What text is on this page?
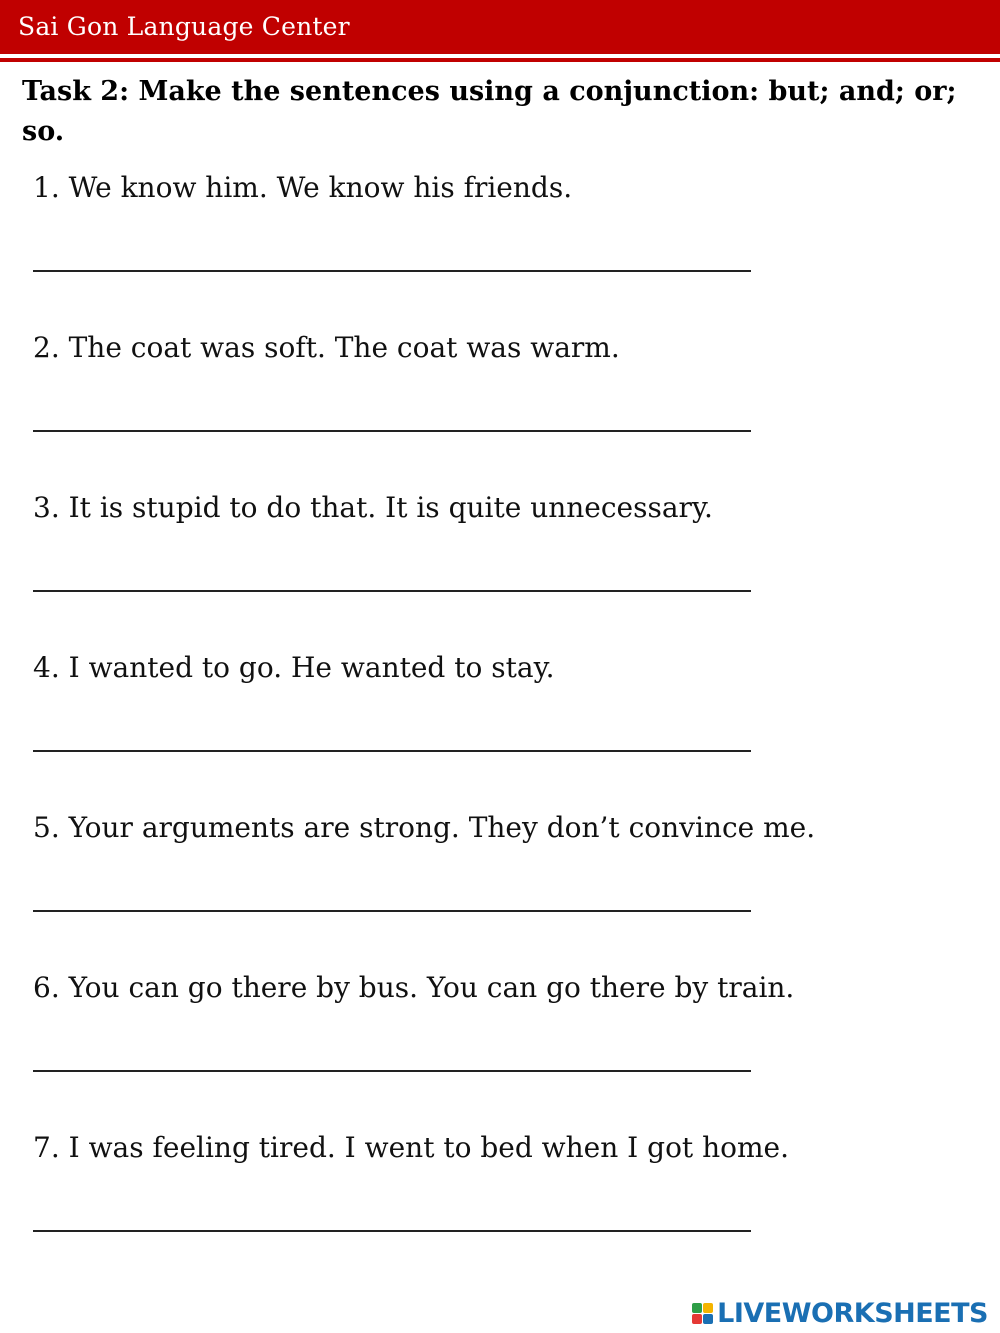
Sai Gon Language Center
Task 2: Make the sentences using a conjunction: but; and; or; so.
1. We know him. We know his friends.
2. The coat was soft. The coat was warm.
3. It is stupid to do that. It is quite unnecessary.
4. I wanted to go. He wanted to stay.
5. Your arguments are strong. They don’t convince me.
6. You can go there by bus. You can go there by train.
7. I was feeling tired. I went to bed when I got home.
LIVEWORKSHEETS
